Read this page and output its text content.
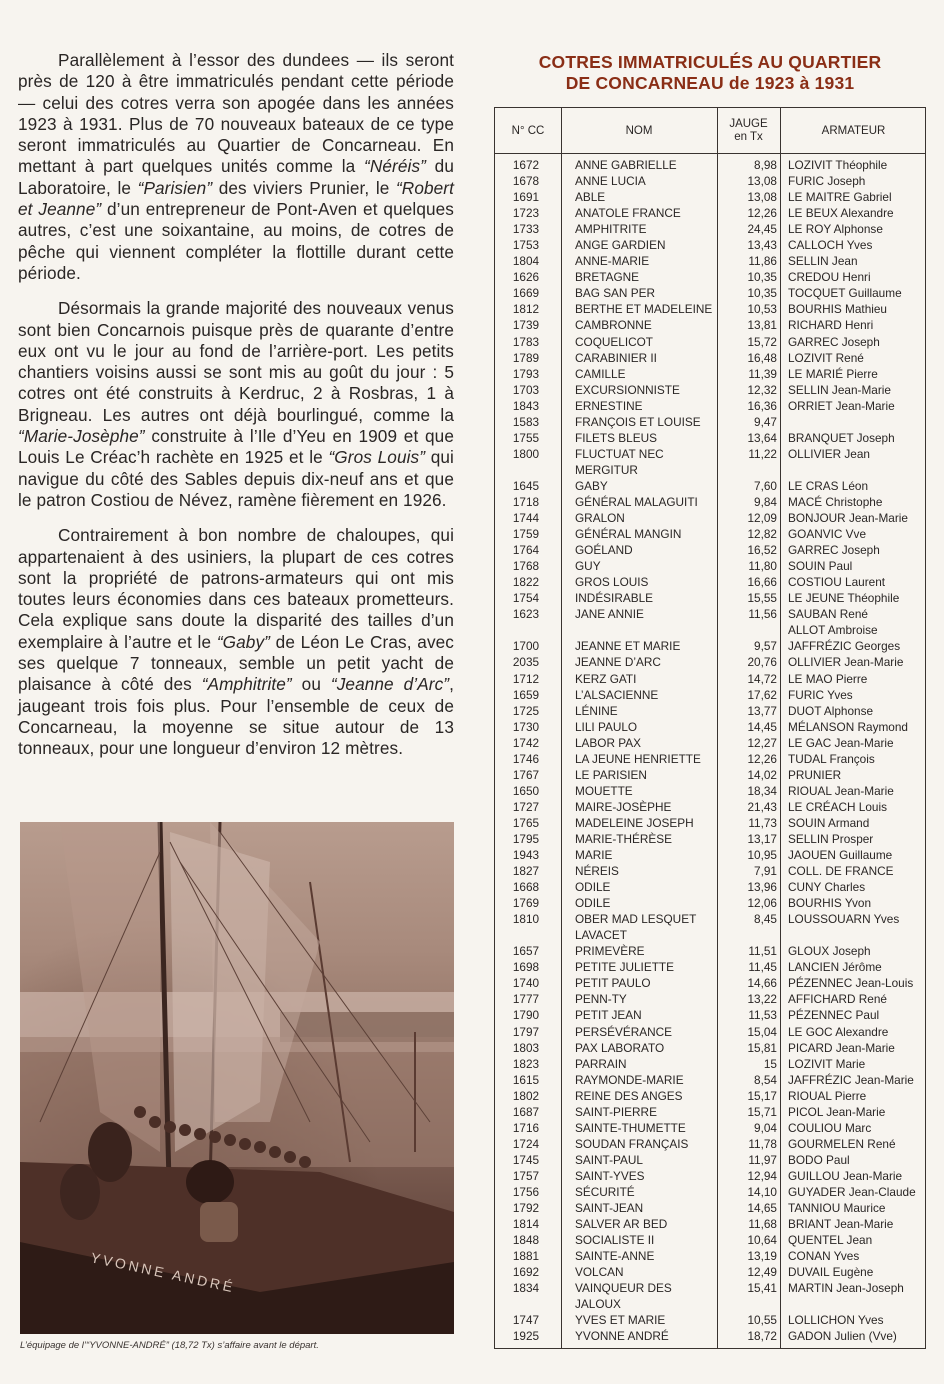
Parallèlement à l’essor des dundees — ils seront près de 120 à être immatriculés pendant cette période — celui des cotres verra son apogée dans les années 1923 à 1931. Plus de 70 nouveaux bateaux de ce type seront immatriculés au Quartier de Concarneau. En mettant à part quelques unités comme la “Néréis” du Laboratoire, le “Parisien” des viviers Prunier, le “Robert et Jeanne” d’un entrepreneur de Pont-Aven et quelques autres, c’est une soixantaine, au moins, de cotres de pêche qui viennent compléter la flottille durant cette période.

Désormais la grande majorité des nouveaux venus sont bien Concarnois puisque près de quarante d’entre eux ont vu le jour au fond de l’arrière-port. Les petits chantiers voisins aussi se sont mis au goût du jour : 5 cotres ont été construits à Kerdruc, 2 à Rosbras, 1 à Brigneau. Les autres ont déjà bourlingué, comme la “Marie-Josèphe” construite à l’Ile d’Yeu en 1909 et que Louis Le Créac’h rachète en 1925 et le “Gros Louis” qui navigue du côté des Sables depuis dix-neuf ans et que le patron Costiou de Névez, ramène fièrement en 1926.

Contrairement à bon nombre de chaloupes, qui appartenaient à des usiniers, la plupart de ces cotres sont la propriété de patrons-armateurs qui ont mis toutes leurs économies dans ces bateaux prometteurs. Cela explique sans doute la disparité des tailles d’un exemplaire à l’autre et le “Gaby” de Léon Le Cras, avec ses quelque 7 tonneaux, semble un petit yacht de plaisance à côté des “Amphitrite” ou “Jeanne d’Arc”, jaugeant trois fois plus. Pour l’ensemble de ceux de Concarneau, la moyenne se situe autour de 13 tonneaux, pour une longueur d’environ 12 mètres.

YVONNE ANDRÉ
L’équipage de l’“YVONNE-ANDRÉ” (18,72 Tx) s’affaire avant le départ.
COTRES IMMATRICULÉS AU QUARTIER
DE CONCARNEAU de 1923 à 1931
N° CC	NOM
JAUGE
en Tx
ARMATEUR
1672	ANNE GABRIELLE	8,98 LOZIVIT Théophile
1678	ANNE LUCIA	13,08 FURIC Joseph
1691	ABLE	13,08 LE MAITRE Gabriel
1723	ANATOLE FRANCE	12,26 LE BEUX Alexandre
1733	AMPHITRITE	24,45 LE ROY Alphonse
1753	ANGE GARDIEN	13,43 CALLOCH Yves
1804	ANNE-MARIE	11,86 SELLIN Jean
1626	BRETAGNE	10,35 CREDOU Henri
1669	BAG SAN PER	10,35 TOCQUET Guillaume
1812	BERTHE ET MADELEINE	10,53 BOURHIS Mathieu
1739	CAMBRONNE	13,81 RICHARD Henri
1783	COQUELICOT	15,72 GARREC Joseph
1789	CARABINIER II	16,48 LOZIVIT René
1793	CAMILLE	11,39 LE MARIÉ Pierre
1703	EXCURSIONNISTE	12,32 SELLIN Jean-Marie
1843	ERNESTINE	16,36 ORRIET Jean-Marie
1583	FRANÇOIS ET LOUISE	9,47
1755	FILETS BLEUS	13,64 BRANQUET Joseph
1800	FLUCTUAT NEC	11,22 OLLIVIER Jean
MERGITUR
1645	GABY	7,60 LE CRAS Léon
1718	GÉNÉRAL MALAGUITI	9,84 MACÉ Christophe
1744	GRALON	12,09 BONJOUR Jean-Marie
1759	GÉNÉRAL MANGIN	12,82 GOANVIC Vve
1764	GOÉLAND	16,52 GARREC Joseph
1768	GUY	11,80 SOUIN Paul
1822	GROS LOUIS	16,66 COSTIOU Laurent
1754	INDÉSIRABLE	15,55 LE JEUNE Théophile
1623	JANE ANNIE	11,56 SAUBAN René
ALLOT Ambroise
1700	JEANNE ET MARIE	9,57 JAFFRÉZIC Georges
2035	JEANNE D’ARC	20,76 OLLIVIER Jean-Marie
1712	KERZ GATI	14,72 LE MAO Pierre
1659	L’ALSACIENNE	17,62 FURIC Yves
1725	LÉNINE	13,77 DUOT Alphonse
1730	LILI PAULO	14,45 MÉLANSON Raymond
1742	LABOR PAX	12,27 LE GAC Jean-Marie
1746	LA JEUNE HENRIETTE	12,26 TUDAL François
1767	LE PARISIEN	14,02 PRUNIER
1650	MOUETTE	18,34 RIOUAL Jean-Marie
1727	MAIRE-JOSÈPHE	21,43 LE CRÉACH Louis
1765	MADELEINE JOSEPH	11,73 SOUIN Armand
1795	MARIE-THÉRÈSE	13,17 SELLIN Prosper
1943	MARIE	10,95 JAOUEN Guillaume
1827	NÉREIS	7,91 COLL. DE FRANCE
1668	ODILE	13,96 CUNY Charles
1769	ODILE	12,06 BOURHIS Yvon
1810	OBER MAD LESQUET	8,45 LOUSSOUARN Yves
LAVACET
1657	PRIMEVÈRE	11,51 GLOUX Joseph
1698	PETITE JULIETTE	11,45 LANCIEN Jérôme
1740	PETIT PAULO	14,66 PÉZENNEC Jean-Louis
1777	PENN-TY	13,22 AFFICHARD René
1790	PETIT JEAN	11,53 PÉZENNEC Paul
1797	PERSÉVÉRANCE	15,04 LE GOC Alexandre
1803	PAX LABORATO	15,81 PICARD Jean-Marie
1823	PARRAIN	15 LOZIVIT Marie
1615	RAYMONDE-MARIE	8,54 JAFFRÉZIC Jean-Marie
1802	REINE DES ANGES	15,17 RIOUAL Pierre
1687	SAINT-PIERRE	15,71 PICOL Jean-Marie
1716	SAINTE-THUMETTE	9,04 COULIOU Marc
1724	SOUDAN FRANÇAIS	11,78 GOURMELEN René
1745	SAINT-PAUL	11,97 BODO Paul
1757	SAINT-YVES	12,94 GUILLOU Jean-Marie
1756	SÉCURITÉ	14,10 GUYADER Jean-Claude
1792	SAINT-JEAN	14,65 TANNIOU Maurice
1814	SALVER AR BED	11,68 BRIANT Jean-Marie
1848	SOCIALISTE II	10,64 QUENTEL Jean
1881	SAINTE-ANNE	13,19 CONAN Yves
1692	VOLCAN	12,49 DUVAIL Eugène
1834	VAINQUEUR DES	15,41 MARTIN Jean-Joseph
JALOUX
1747	YVES ET MARIE	10,55 LOLLICHON Yves
1925	YVONNE ANDRÉ	18,72 GADON Julien (Vve)
